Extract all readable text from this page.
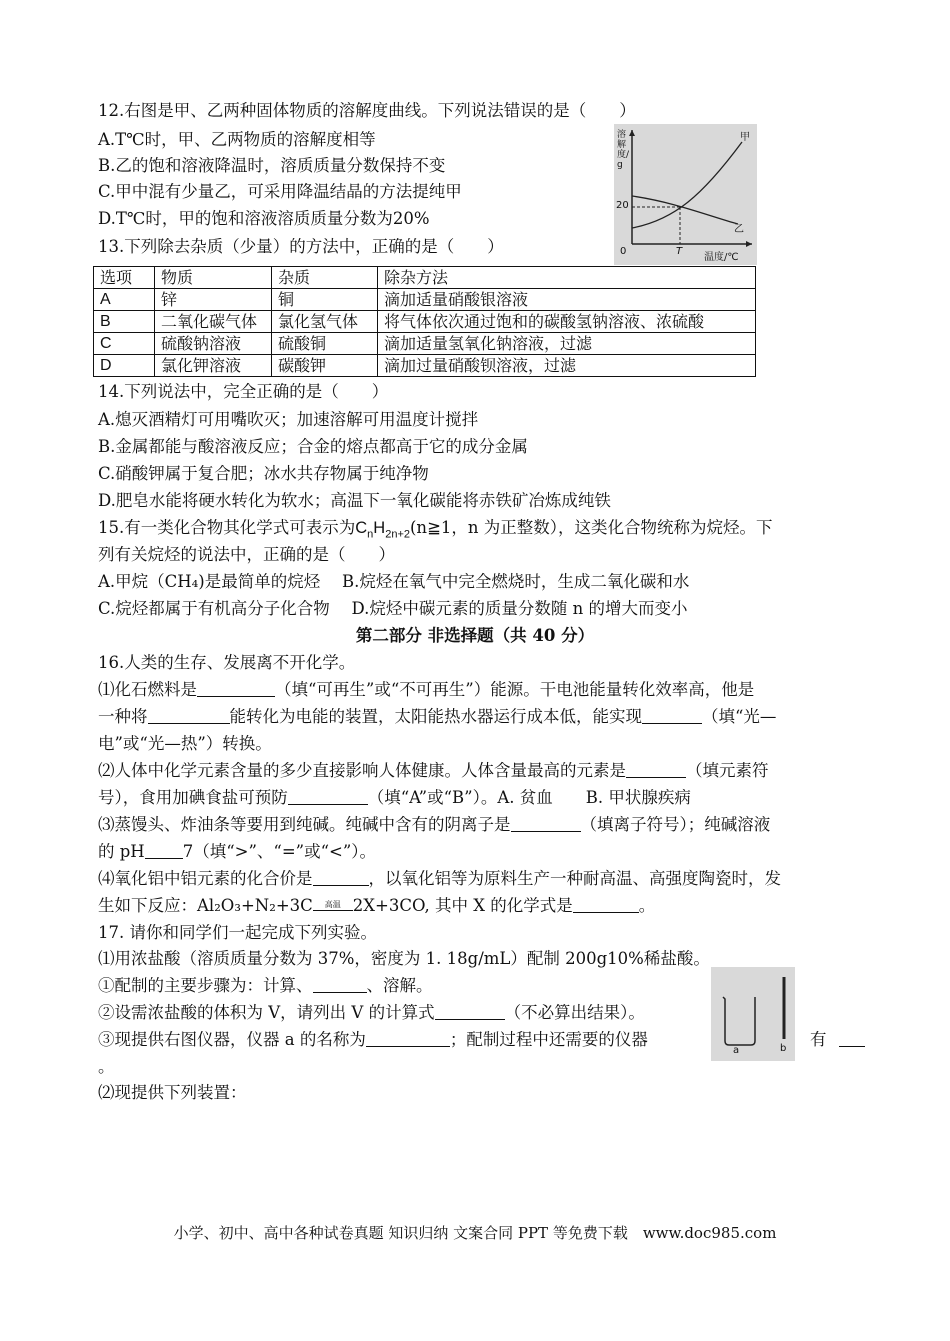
12.右图是甲、乙两种固体物质的溶解度曲线。下列说法错误的是（　　）
A.T℃时，甲、乙两物质的溶解度相等
B.乙的饱和溶液降温时，溶质质量分数保持不变
C.甲中混有少量乙，可采用降温结晶的方法提纯甲
D.T℃时，甲的饱和溶液溶质质量分数为20%
溶解度/g
20
0	T
温度/℃
甲
乙
13.下列除去杂质（少量）的方法中，正确的是（　　）
选项	物质	杂质	除杂方法
A	锌	铜	滴加适量硝酸银溶液
B	二氧化碳气体	氯化氢气体	将气体依次通过饱和的碳酸氢钠溶液、浓硫酸
C	硫酸钠溶液	硫酸铜	滴加适量氢氧化钠溶液，过滤
D	氯化钾溶液	碳酸钾	滴加过量硝酸钡溶液，过滤
14.下列说法中，完全正确的是（　　）
A.熄灭酒精灯可用嘴吹灭；加速溶解可用温度计搅拌
B.金属都能与酸溶液反应；合金的熔点都高于它的成分金属
C.硝酸钾属于复合肥；冰水共存物属于纯净物
D.肥皂水能将硬水转化为软水；高温下一氧化碳能将赤铁矿冶炼成纯铁
15.有一类化合物其化学式可表示为$C_nH_{2n+2}(n≧1$，n 为正整数），这类化合物统称为烷烃。下
列有关烷烃的说法中，正确的是（　　）
A.甲烷（CH₄)是最简单的烷烃　 B.烷烃在氧气中完全燃烧时，生成二氧化碳和水
C.烷烃都属于有机高分子化合物　 D.烷烃中碳元素的质量分数随 n 的增大而变小
第二部分 非选择题（共 40 分）
16.人类的生存、发展离不开化学。
⑴化石燃料是	（填“可再生”或“不可再生”）能源。干电池能量转化效率高，他是
一种将	能转化为电能的装置，太阳能热水器运行成本低，能实现	（填“光—
电”或“光—热”）转换。
⑵人体中化学元素含量的多少直接影响人体健康。人体含量最高的元素是	（填元素符
号），食用加碘食盐可预防	（填“A”或“B”）。A. 贫血　　B. 甲状腺疾病
⑶蒸馒头、炸油条等要用到纯碱。纯碱中含有的阴离子是	（填离子符号）；纯碱溶液
的 pH 7（填“>”、“=”或“<”）。
⑷氧化铝中铝元素的化合价是	，以氧化铝等为原料生产一种耐高温、高强度陶瓷时，发
生如下反应：Al₂O₃+N₂+3C	高温 2X+3CO, 其中 X 的化学式是	。
17. 请你和同学们一起完成下列实验。
⑴用浓盐酸（溶质质量分数为 37%，密度为 1. 18g/mL）配制 200g10%稀盐酸。
①配制的主要步骤为：计算、	、溶解。
②设需浓盐酸的体积为 V，请列出 V 的计算式	（不必算出结果）。
③现提供右图仪器，仪器 a 的名称为	；配制过程中还需要的仪器	有
。
⑵现提供下列装置：
a	b
小学、初中、高中各种试卷真题 知识归纳 文案合同 PPT 等免费下载　www.doc985.com
